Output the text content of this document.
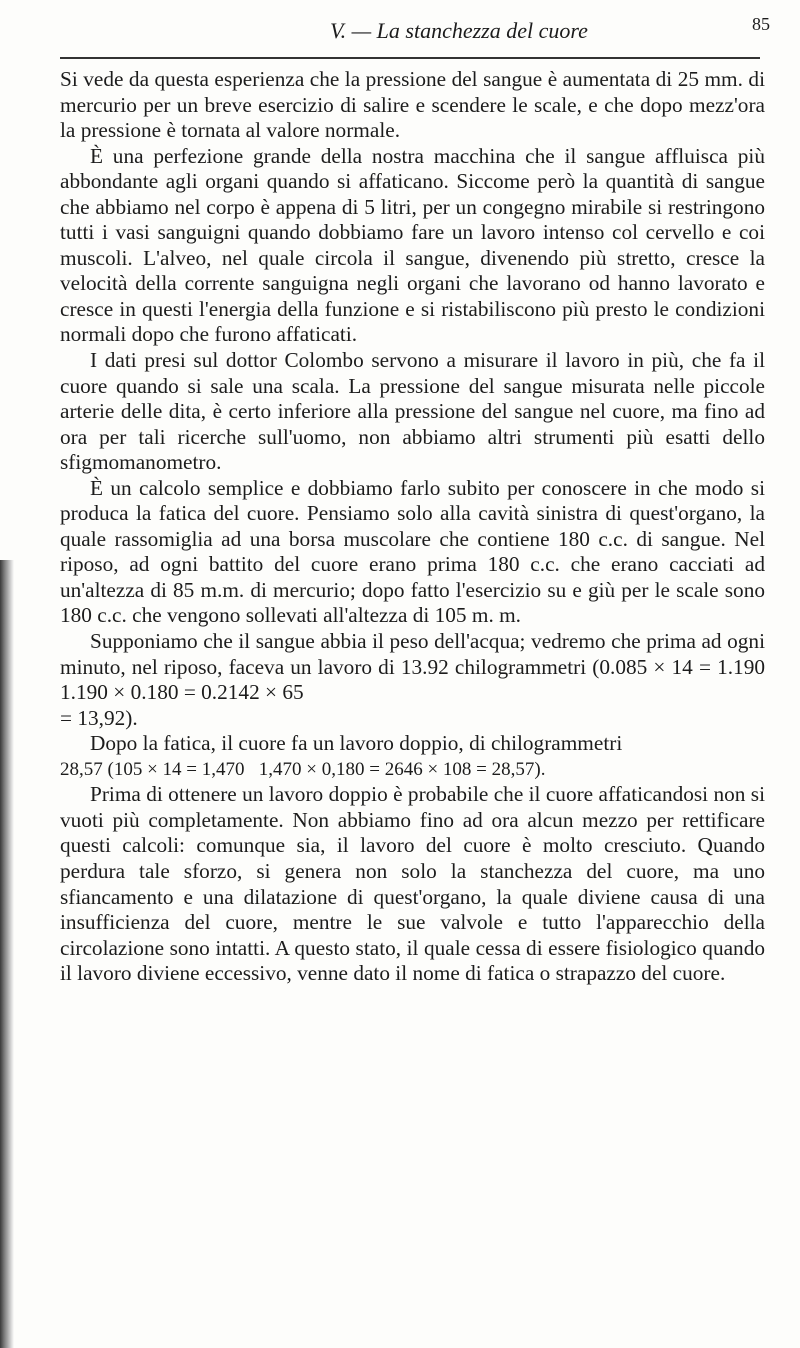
V. — La stanchezza del cuore	85

Si vede da questa esperienza che la pressione del sangue è aumentata di 25 mm. di mercurio per un breve esercizio di salire e scendere le scale, e che dopo mezz'ora la pressione è tornata al valore normale.

È una perfezione grande della nostra macchina che il sangue affluisca più abbondante agli organi quando si affaticano. Siccome però la quantità di sangue che abbiamo nel corpo è appena di 5 litri, per un congegno mirabile si restringono tutti i vasi sanguigni quando dobbiamo fare un lavoro intenso col cervello e coi muscoli. L'alveo, nel quale circola il sangue, divenendo più stretto, cresce la velocità della corrente sanguigna negli organi che lavorano od hanno lavorato e cresce in questi l'energia della funzione e si ristabiliscono più presto le condizioni normali dopo che furono affaticati.

I dati presi sul dottor Colombo servono a misurare il lavoro in più, che fa il cuore quando si sale una scala. La pressione del sangue misurata nelle piccole arterie delle dita, è certo inferiore alla pressione del sangue nel cuore, ma fino ad ora per tali ricerche sull'uomo, non abbiamo altri strumenti più esatti dello sfigmomanometro.

È un calcolo semplice e dobbiamo farlo subito per conoscere in che modo si produca la fatica del cuore. Pensiamo solo alla cavità sinistra di quest'organo, la quale rassomiglia ad una borsa muscolare che contiene 180 c.c. di sangue. Nel riposo, ad ogni battito del cuore erano prima 180 c.c. che erano cacciati ad un'altezza di 85 m.m. di mercurio; dopo fatto l'esercizio su e giù per le scale sono 180 c.c. che vengono sollevati all'altezza di 105 m. m.

Supponiamo che il sangue abbia il peso dell'acqua; vedremo che prima ad ogni minuto, nel riposo, faceva un lavoro di 13.92 chilogrammetri (0.085 × 14 = 1.190 1.190 × 0.180 = 0.2142 × 65

= 13,92).

Dopo la fatica, il cuore fa un lavoro doppio, di chilogrammetri

28,57 (105 × 14 = 1,470   1,470 × 0,180 = 2646 × 108 = 28,57).

Prima di ottenere un lavoro doppio è probabile che il cuore affaticandosi non si vuoti più completamente. Non abbiamo fino ad ora alcun mezzo per rettificare questi calcoli: comunque sia, il lavoro del cuore è molto cresciuto. Quando perdura tale sforzo, si genera non solo la stanchezza del cuore, ma uno sfiancamento e una dilatazione di quest'organo, la quale diviene causa di una insufficienza del cuore, mentre le sue valvole e tutto l'apparecchio della circolazione sono intatti. A questo stato, il quale cessa di essere fisiologico quando il lavoro diviene eccessivo, venne dato il nome di fatica o strapazzo del cuore.
